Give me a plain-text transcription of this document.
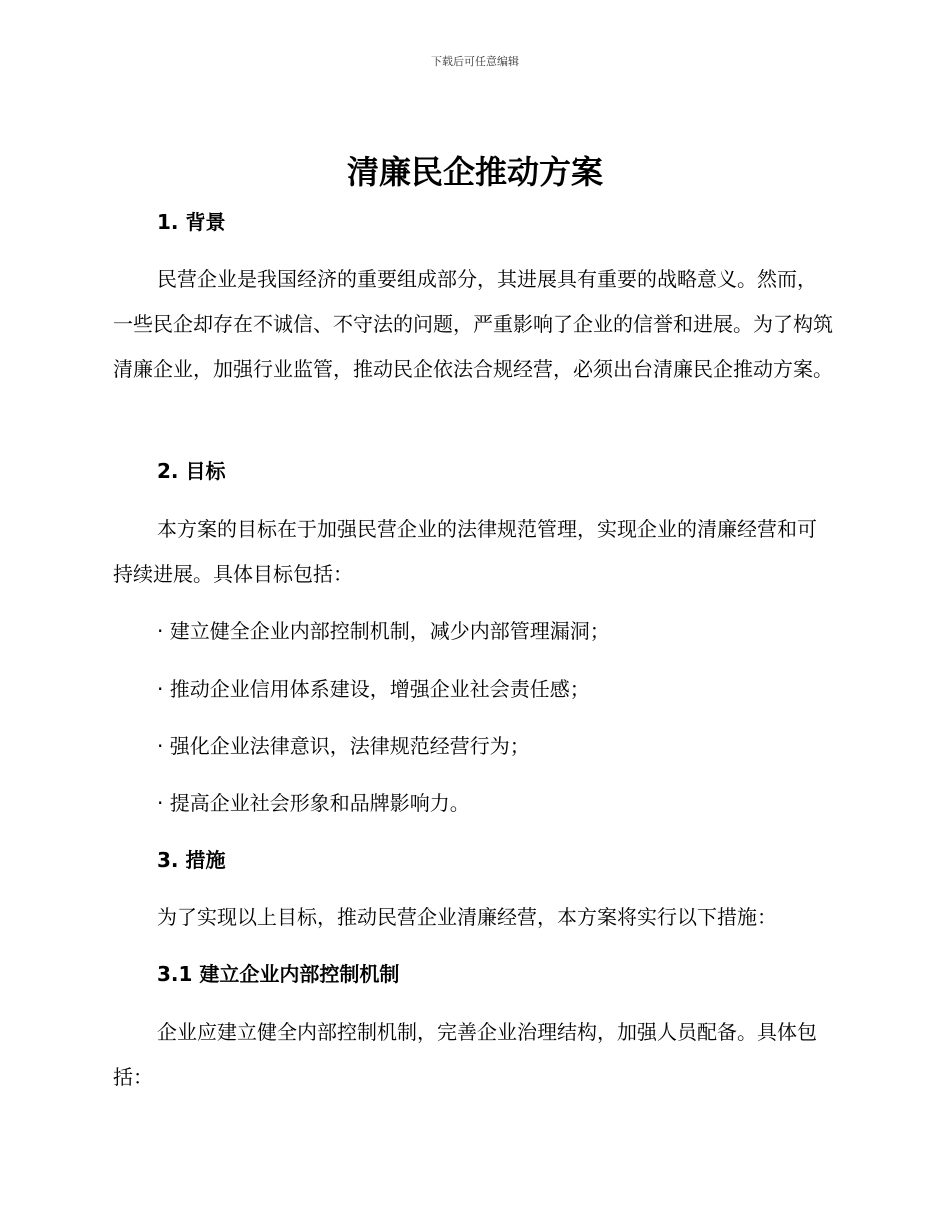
下载后可任意编辑
清廉民企推动方案
1. 背景

民营企业是我国经济的重要组成部分，其进展具有重要的战略意义。然而，一些民企却存在不诚信、不守法的问题，严重影响了企业的信誉和进展。为了构筑清廉企业，加强行业监管，推动民企依法合规经营，必须出台清廉民企推动方案。

2. 目标

本方案的目标在于加强民营企业的法律规范管理，实现企业的清廉经营和可持续进展。具体目标包括：

· 建立健全企业内部控制机制，减少内部管理漏洞；

· 推动企业信用体系建设，增强企业社会责任感；

· 强化企业法律意识，法律规范经营行为；

· 提高企业社会形象和品牌影响力。

3. 措施

为了实现以上目标，推动民营企业清廉经营，本方案将实行以下措施：

3.1 建立企业内部控制机制

企业应建立健全内部控制机制，完善企业治理结构，加强人员配备。具体包括：
